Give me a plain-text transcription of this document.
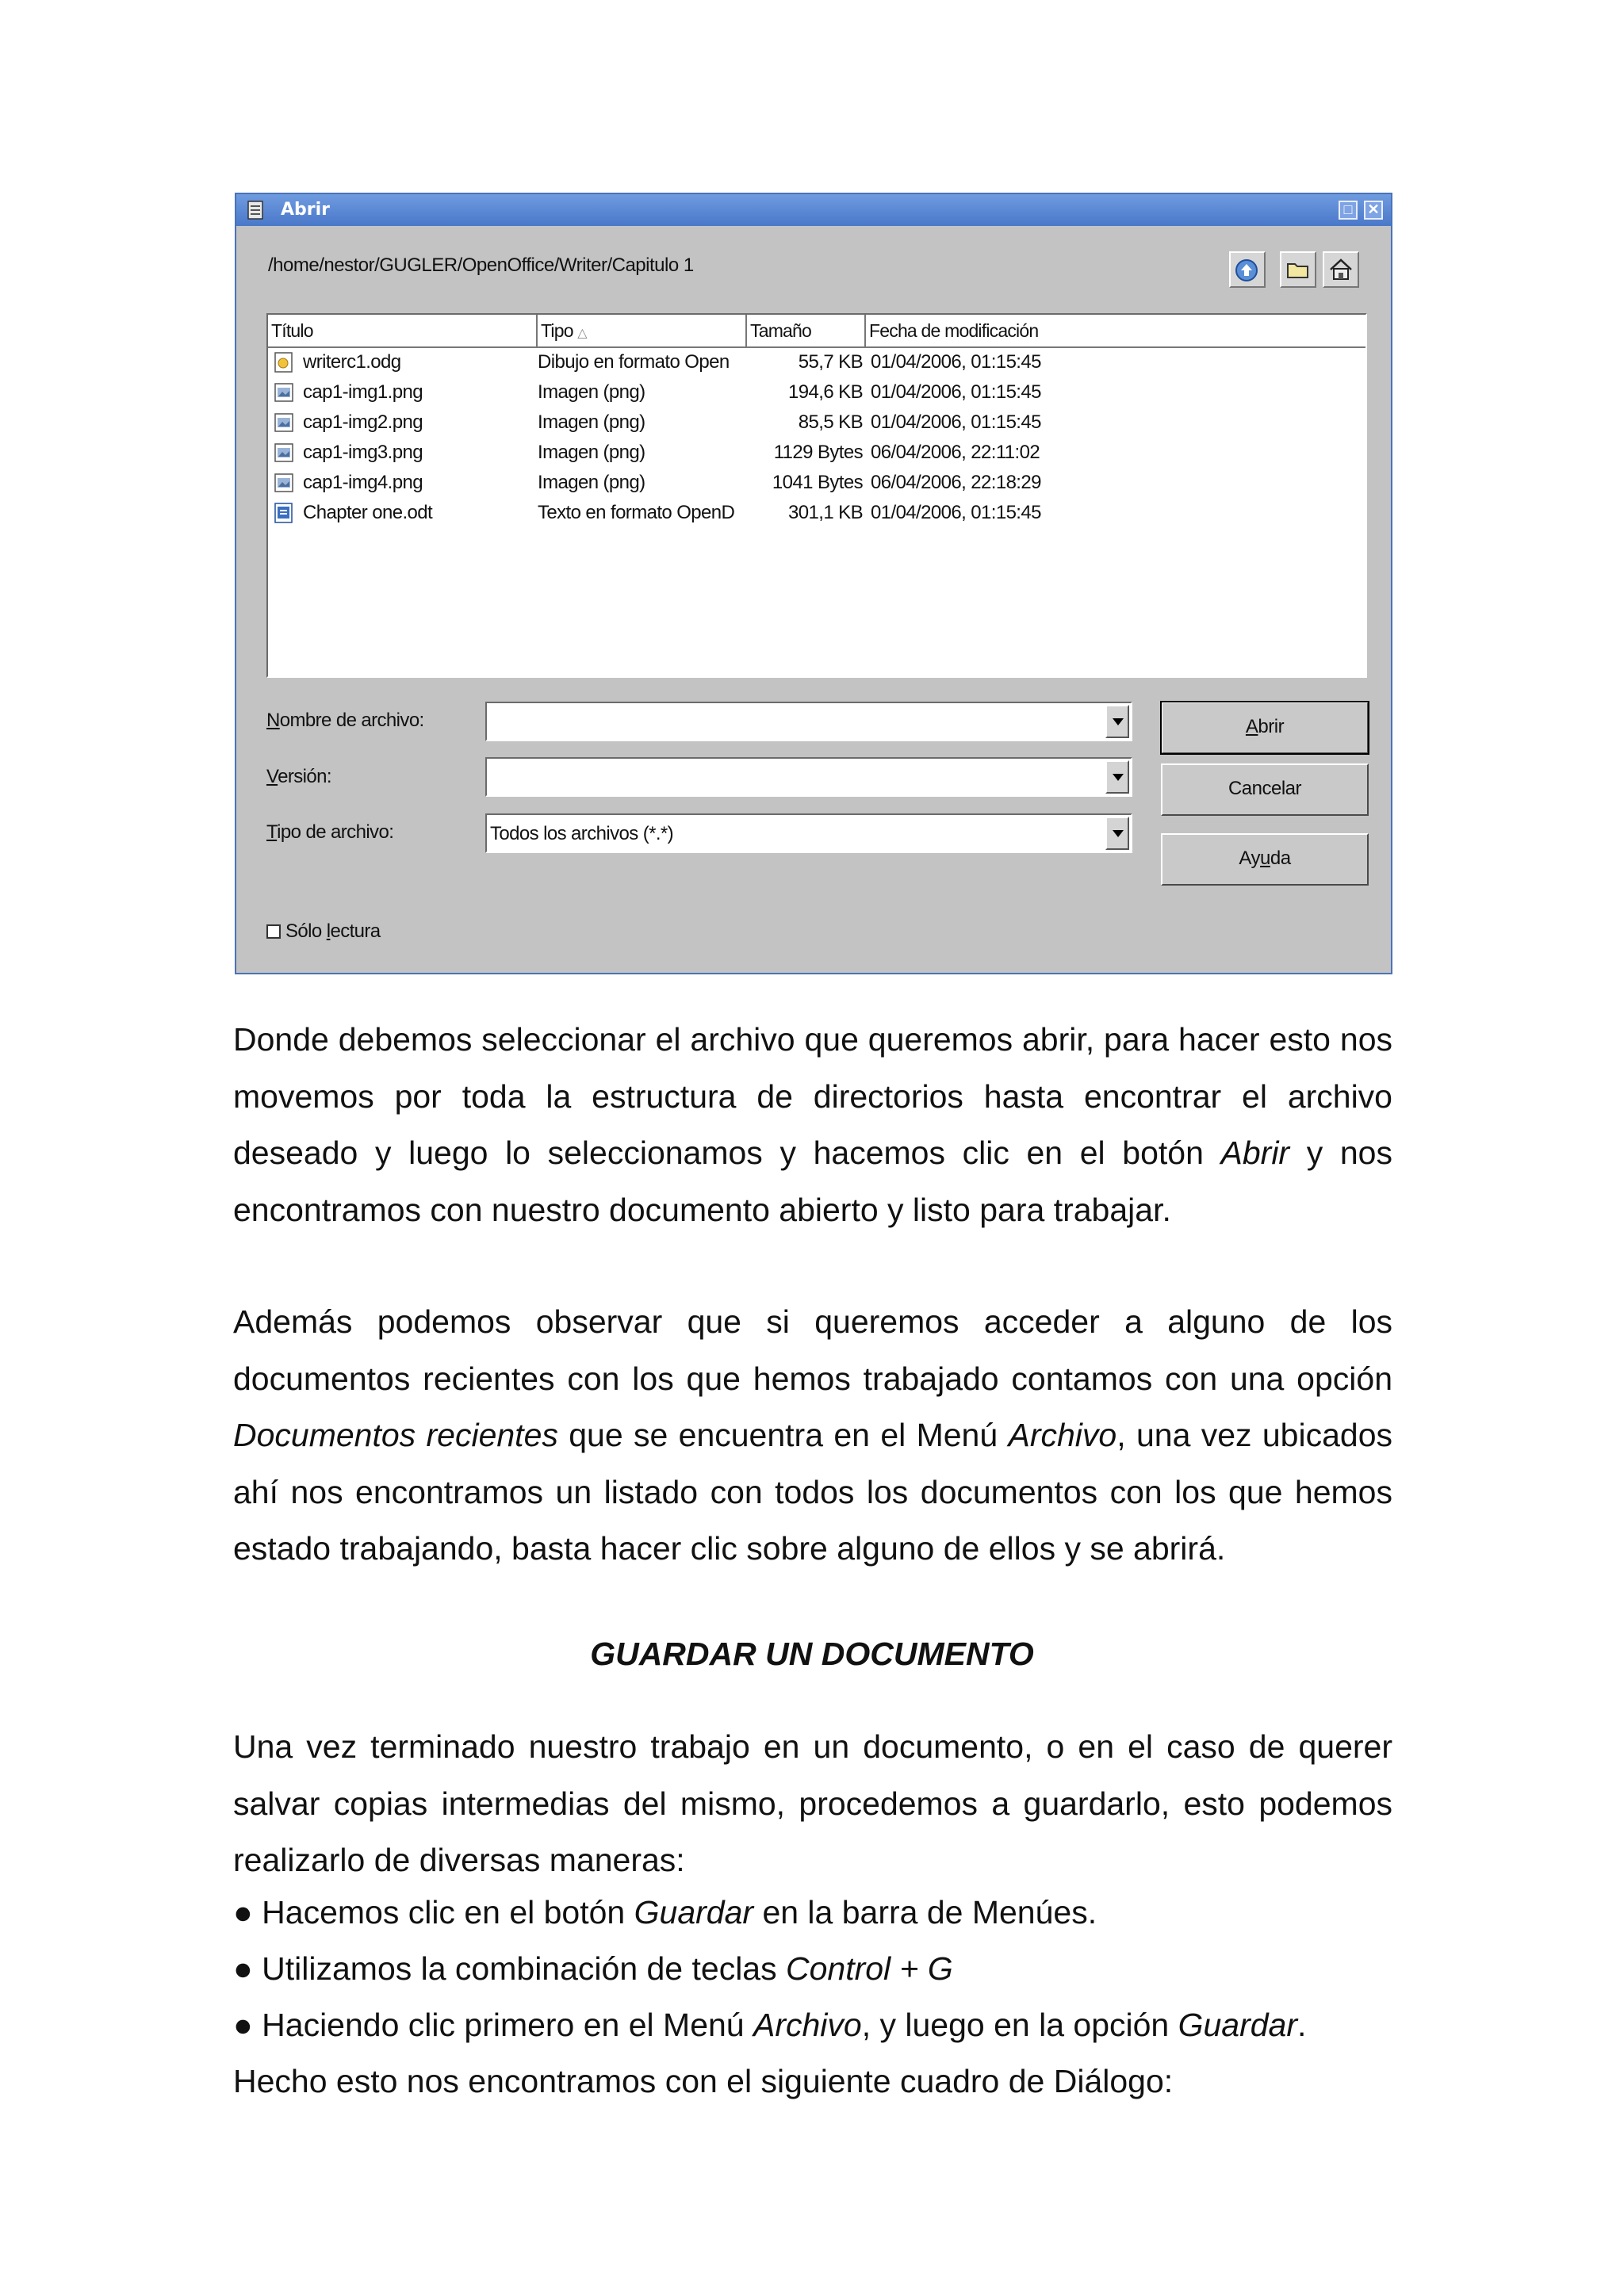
Abrir	□	✕
/home/nestor/GUGLER/OpenOffice/Writer/Capitulo 1
Título	Tipo △	Tamaño	Fecha de modificación
writerc1.odg	Dibujo en formato Open	55,7 KB 01/04/2006, 01:15:45
cap1-img1.png	Imagen (png)	194,6 KB 01/04/2006, 01:15:45
cap1-img2.png	Imagen (png)	85,5 KB 01/04/2006, 01:15:45
cap1-img3.png	Imagen (png)	1129 Bytes 06/04/2006, 22:11:02
cap1-img4.png	Imagen (png)	1041 Bytes 06/04/2006, 22:18:29
Chapter one.odt	Texto en formato OpenD	301,1 KB 01/04/2006, 01:15:45
Nombre de archivo:
Versión:
Tipo de archivo:	Todos los archivos (*.*)
Abrir
Cancelar
Ayuda
Sólo lectura

Donde debemos seleccionar el archivo que queremos abrir, para hacer esto nos movemos por toda la estructura de directorios hasta encontrar el archivo deseado y luego lo seleccionamos y hacemos clic en el botón Abrir y nos encontramos con nuestro documento abierto y listo para trabajar.

Además podemos observar que si queremos acceder a alguno de los documentos recientes con los que hemos trabajado contamos con una opción Documentos recientes que se encuentra en el Menú Archivo, una vez ubicados ahí nos encontramos un listado con todos los documentos con los que hemos estado trabajando, basta hacer clic sobre alguno de ellos y se abrirá.

GUARDAR UN DOCUMENTO

Una vez terminado nuestro trabajo en un documento, o en el caso de querer salvar copias intermedias del mismo, procedemos a guardarlo, esto podemos realizarlo de diversas maneras:

● Hacemos clic en el botón Guardar en la barra de Menúes.
● Utilizamos la combinación de teclas Control + G
● Haciendo clic primero en el Menú Archivo, y luego en la opción Guardar.
Hecho esto nos encontramos con el siguiente cuadro de Diálogo:
